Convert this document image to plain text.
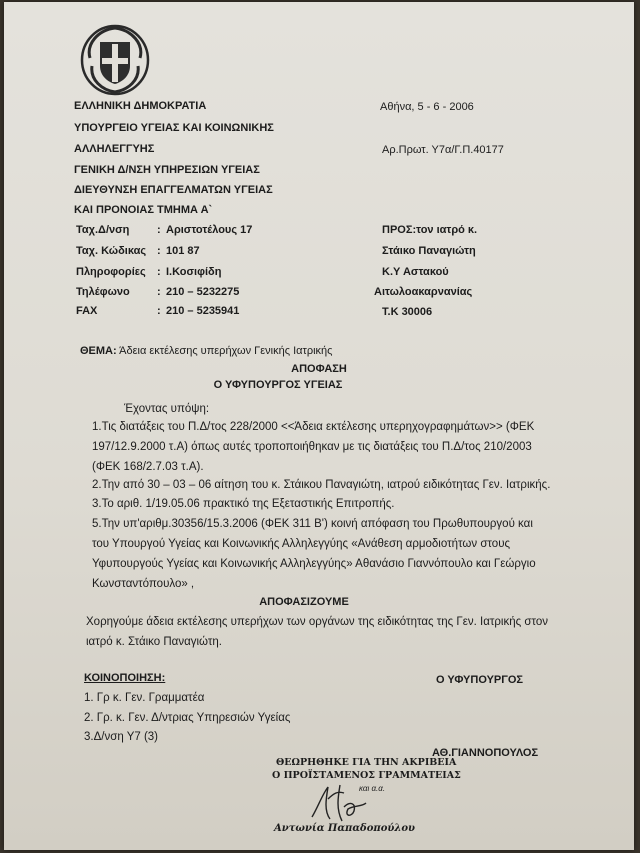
ΕΛΛΗΝΙΚΗ ΔΗΜΟΚΡΑΤΙΑ
ΥΠΟΥΡΓΕΙΟ ΥΓΕΙΑΣ ΚΑΙ ΚΟΙΝΩΝΙΚΗΣ
ΑΛΛΗΛΕΓΓΥΗΣ
ΓΕΝΙΚΗ Δ/ΝΣΗ ΥΠΗΡΕΣΙΩΝ ΥΓΕΙΑΣ
ΔΙΕΥΘΥΝΣΗ ΕΠΑΓΓΕΛΜΑΤΩΝ ΥΓΕΙΑΣ
ΚΑΙ ΠΡΟΝΟΙΑΣ ΤΜΗΜΑ Α`
Αθήνα, 5 - 6 - 2006
Αρ.Πρωτ. Υ7α/Γ.Π.40177
Ταχ.Δ/νση	: Αριστοτέλους 17
Ταχ. Κώδικας : 101 87
Πληροφορίες : Ι.Κοσιφίδη
Τηλέφωνο : 210 – 5232275
FAX	: 210 – 5235941
ΠΡΟΣ:τον ιατρό κ.
Στάικο Παναγιώτη
Κ.Υ Αστακού
Αιτωλοακαρνανίας
Τ.Κ 30006
ΘΕΜΑ: Άδεια εκτέλεσης υπερήχων Γενικής Ιατρικής
ΑΠΟΦΑΣΗ
Ο ΥΦΥΠΟΥΡΓΟΣ ΥΓΕΙΑΣ
Έχοντας υπόψη:
1.Τις διατάξεις του Π.Δ/τος 228/2000 <<Άδεια εκτέλεσης υπερηχογραφημάτων>> (ΦΕΚ
197/12.9.2000 τ.Α) όπως αυτές τροποποιήθηκαν με τις διατάξεις του Π.Δ/τος 210/2003
(ΦΕΚ 168/2.7.03 τ.Α).
2.Την από 30 – 03 – 06 αίτηση του κ. Στάικου Παναγιώτη, ιατρού ειδικότητας Γεν. Ιατρικής.
3.Το αριθ. 1/19.05.06 πρακτικό της Εξεταστικής Επιτροπής.
5.Την υπ'αριθμ.30356/15.3.2006 (ΦΕΚ 311 Β') κοινή απόφαση του Πρωθυπουργού και
του Υπουργού Υγείας και Κοινωνικής Αλληλεγγύης «Ανάθεση αρμοδιοτήτων στους
Υφυπουργούς Υγείας και Κοινωνικής Αλληλεγγύης» Αθανάσιο Γιαννόπουλο και Γεώργιο
Κωνσταντόπουλο» ,
ΑΠΟΦΑΣΙΖΟΥΜΕ
Χορηγούμε άδεια εκτέλεσης υπερήχων των οργάνων της ειδικότητας της Γεν. Ιατρικής στον
ιατρό κ. Στάικο Παναγιώτη.
ΚΟΙΝΟΠΟΙΗΣΗ:
1. Γρ κ. Γεν. Γραμματέα
2. Γρ. κ. Γεν. Δ/ντριας Υπηρεσιών Υγείας
3.Δ/νση Υ7 (3)
Ο ΥΦΥΠΟΥΡΓΟΣ
ΑΘ.ΓΙΑΝΝΟΠΟΥΛΟΣ
ΘΕΩΡΗΘΗΚΕ ΓΙΑ ΤΗΝ ΑΚΡΙΒΕΙΑ
Ο ΠΡΟΪΣΤΑΜΕΝΟΣ ΓΡΑΜΜΑΤΕΙΑΣ
και α.α.
Αντωνία Παπαδοπούλου
